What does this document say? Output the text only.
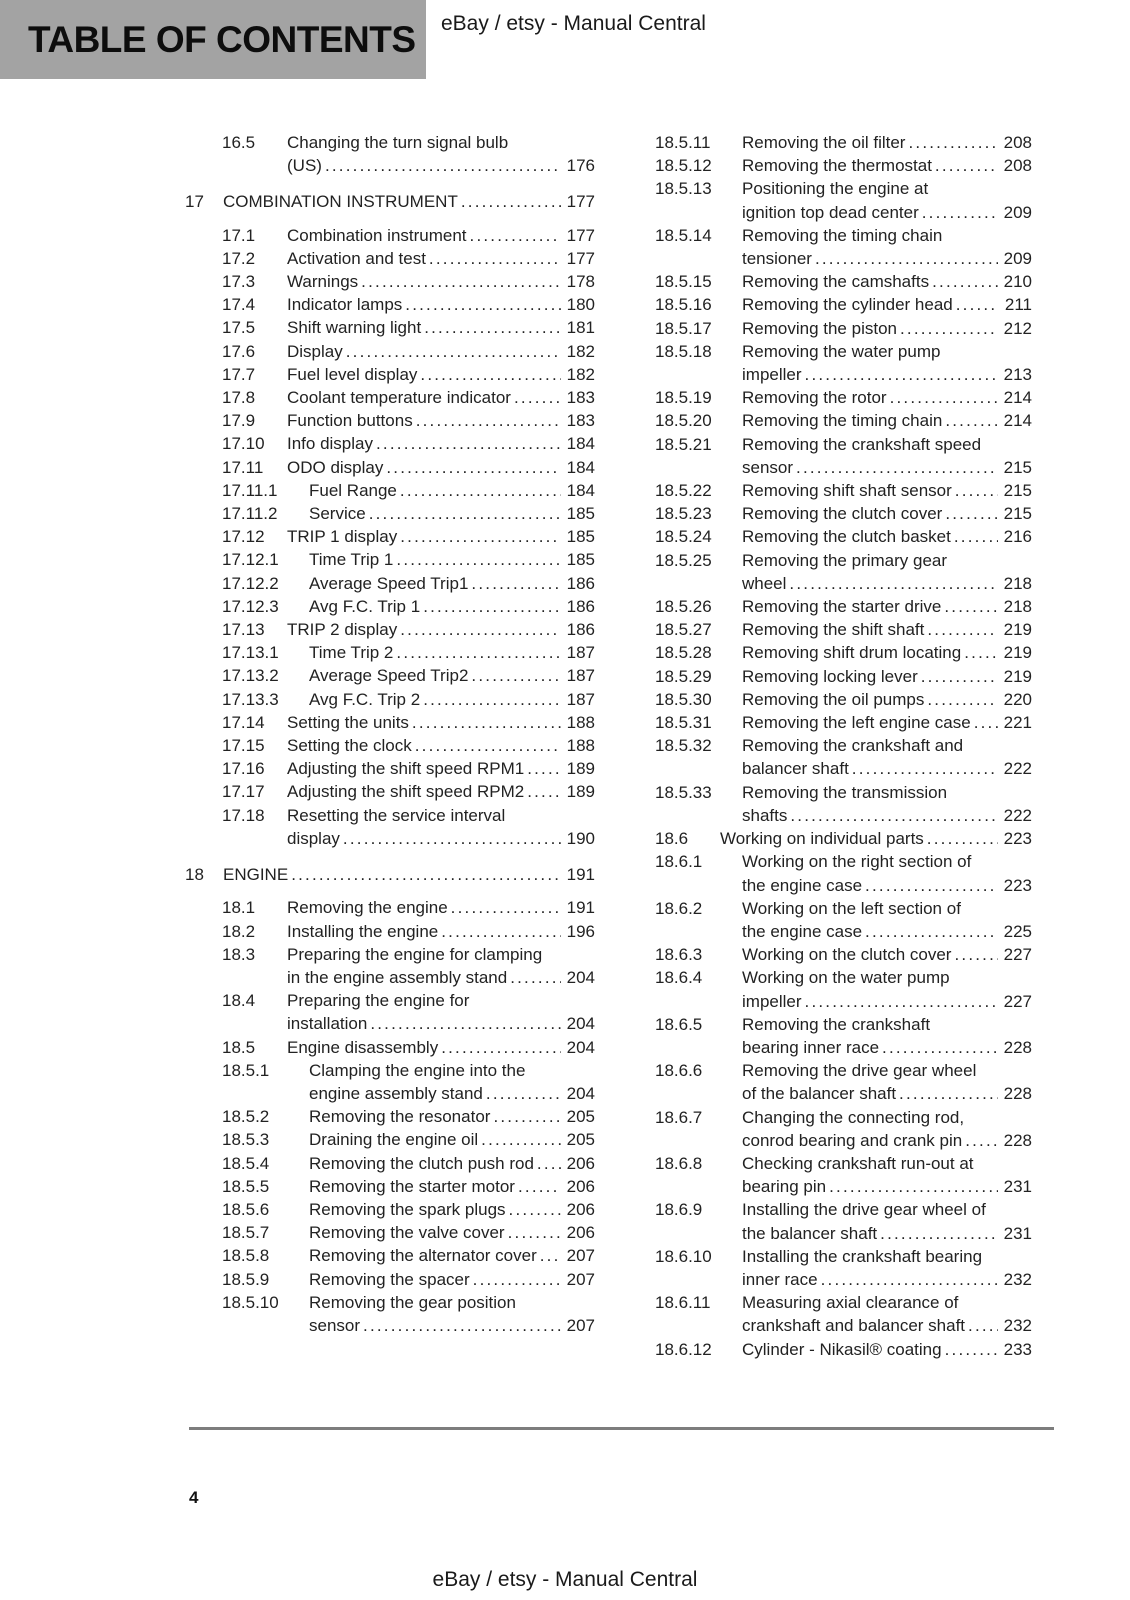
TABLE OF CONTENTS eBay / etsy - Manual Central
16.5	Changing the turn signal bulb
(US) .....	176
17	COMBINATION INSTRUMENT .....	177
17.1	Combination instrument .....	177
17.2	Activation and test .....	177
17.3	Warnings .....	178
17.4	Indicator lamps .....	180
17.5	Shift warning light .....	181
17.6	Display .....	182
17.7	Fuel level display .....	182
17.8	Coolant temperature indicator .....	183
17.9	Function buttons .....	183
17.10	Info display .....	184
17.11	ODO display .....	184
17.11.1	Fuel Range .....	184
17.11.2	Service .....	185
17.12	TRIP 1 display .....	185
17.12.1	Time Trip 1 .....	185
17.12.2	Average Speed Trip1 .....	186
17.12.3	Avg F.C. Trip 1 .....	186
17.13	TRIP 2 display .....	186
17.13.1	Time Trip 2 .....	187
17.13.2	Average Speed Trip2 .....	187
17.13.3	Avg F.C. Trip 2 .....	187
17.14	Setting the units .....	188
17.15	Setting the clock .....	188
17.16	Adjusting the shift speed RPM1 ..... 189
17.17	Adjusting the shift speed RPM2 ..... 189
17.18	Resetting the service interval
display .....	190
18	ENGINE .....	191
18.1	Removing the engine .....	191
18.2	Installing the engine .....	196
18.3	Preparing the engine for clamping
in the engine assembly stand .....	204
18.4	Preparing the engine for
installation .....	204
18.5	Engine disassembly .....	204
18.5.1	Clamping the engine into the
engine assembly stand .....	204
18.5.2	Removing the resonator .....	205
18.5.3	Draining the engine oil .....	205
18.5.4	Removing the clutch push rod ..... 206
18.5.5	Removing the starter motor .....	206
18.5.6	Removing the spark plugs .....	206
18.5.7	Removing the valve cover .....	206
18.5.8	Removing the alternator cover ..... 207
18.5.9	Removing the spacer .....	207
18.5.10	Removing the gear position
sensor .....	207
18.5.11	Removing the oil filter .....	208
18.5.12	Removing the thermostat .....	208
18.5.13	Positioning the engine at
ignition top dead center .....	209
18.5.14	Removing the timing chain
tensioner .....	209
18.5.15	Removing the camshafts .....	210
18.5.16	Removing the cylinder head .....	211
18.5.17	Removing the piston .....	212
18.5.18	Removing the water pump
impeller .....	213
18.5.19	Removing the rotor .....	214
18.5.20	Removing the timing chain .....	214
18.5.21	Removing the crankshaft speed
sensor .....	215
18.5.22	Removing shift shaft sensor .....	215
18.5.23	Removing the clutch cover .....	215
18.5.24	Removing the clutch basket .....	216
18.5.25	Removing the primary gear
wheel .....	218
18.5.26	Removing the starter drive .....	218
18.5.27	Removing the shift shaft .....	219
18.5.28	Removing shift drum locating ..... 219
18.5.29	Removing locking lever .....	219
18.5.30	Removing the oil pumps .....	220
18.5.31	Removing the left engine case ..... 221
18.5.32	Removing the crankshaft and
balancer shaft .....	222
18.5.33	Removing the transmission
shafts .....	222
18.6	Working on individual parts .....	223
18.6.1	Working on the right section of
the engine case .....	223
18.6.2	Working on the left section of
the engine case .....	225
18.6.3	Working on the clutch cover .....	227
18.6.4	Working on the water pump
impeller .....	227
18.6.5	Removing the crankshaft
bearing inner race .....	228
18.6.6	Removing the drive gear wheel
of the balancer shaft .....	228
18.6.7	Changing the connecting rod,
conrod bearing and crank pin ..... 228
18.6.8	Checking crankshaft run-out at
bearing pin .....	231
18.6.9	Installing the drive gear wheel of
the balancer shaft .....	231
18.6.10	Installing the crankshaft bearing
inner race .....	232
18.6.11	Measuring axial clearance of
crankshaft and balancer shaft ..... 232
18.6.12	Cylinder - Nikasil® coating .....	233
4
eBay / etsy - Manual Central
